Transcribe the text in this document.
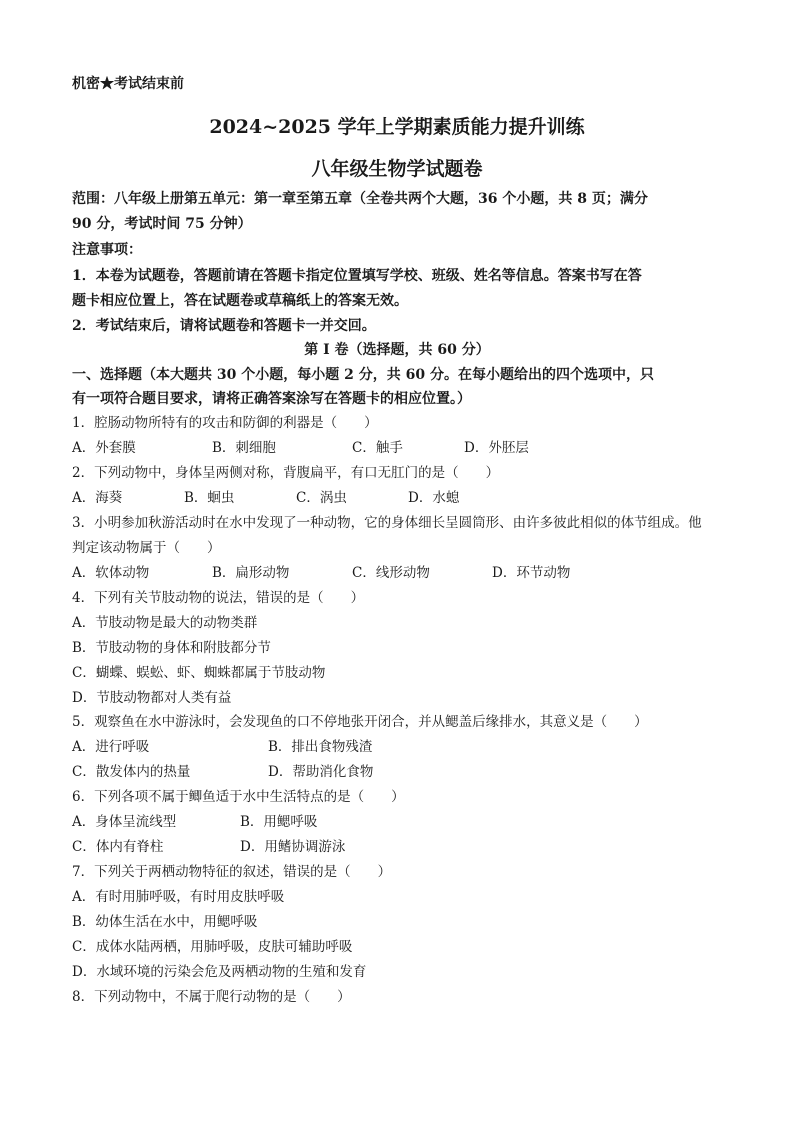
机密★考试结束前
2024~2025 学年上学期素质能力提升训练
八年级生物学试题卷
范围：八年级上册第五单元：第一章至第五章（全卷共两个大题，36 个小题，共 8 页；满分
90 分，考试时间 75 分钟）
注意事项：
1．本卷为试题卷，答题前请在答题卡指定位置填写学校、班级、姓名等信息。答案书写在答
题卡相应位置上，答在试题卷或草稿纸上的答案无效。
2．考试结束后，请将试题卷和答题卡一并交回。
第 I 卷（选择题，共 60 分）
一、选择题（本大题共 30 个小题，每小题 2 分，共 60 分。在每小题给出的四个选项中，只
有一项符合题目要求，请将正确答案涂写在答题卡的相应位置。）
1．腔肠动物所特有的攻击和防御的利器是（　　）
A．外套膜	B．刺细胞	C．触手	D．外胚层
2．下列动物中，身体呈两侧对称，背腹扁平，有口无肛门的是（　　）
A．海葵	B．蛔虫	C．涡虫	D．水螅
3．小明参加秋游活动时在水中发现了一种动物，它的身体细长呈圆筒形、由许多彼此相似的体节组成。他
判定该动物属于（　　）
A．软体动物	B．扁形动物	C．线形动物	D．环节动物
4．下列有关节肢动物的说法，错误的是（　　）
A．节肢动物是最大的动物类群
B．节肢动物的身体和附肢都分节
C．蝴蝶、蜈蚣、虾、蜘蛛都属于节肢动物
D．节肢动物都对人类有益
5．观察鱼在水中游泳时，会发现鱼的口不停地张开闭合，并从鳃盖后缘排水，其意义是（　　）
A．进行呼吸	B．排出食物残渣
C．散发体内的热量	D．帮助消化食物
6．下列各项不属于鲫鱼适于水中生活特点的是（　　）
A．身体呈流线型	B．用鳃呼吸
C．体内有脊柱	D．用鳍协调游泳
7．下列关于两栖动物特征的叙述，错误的是（　　）
A．有时用肺呼吸，有时用皮肤呼吸
B．幼体生活在水中，用鳃呼吸
C．成体水陆两栖，用肺呼吸，皮肤可辅助呼吸
D．水域环境的污染会危及两栖动物的生殖和发育
8．下列动物中，不属于爬行动物的是（　　）
